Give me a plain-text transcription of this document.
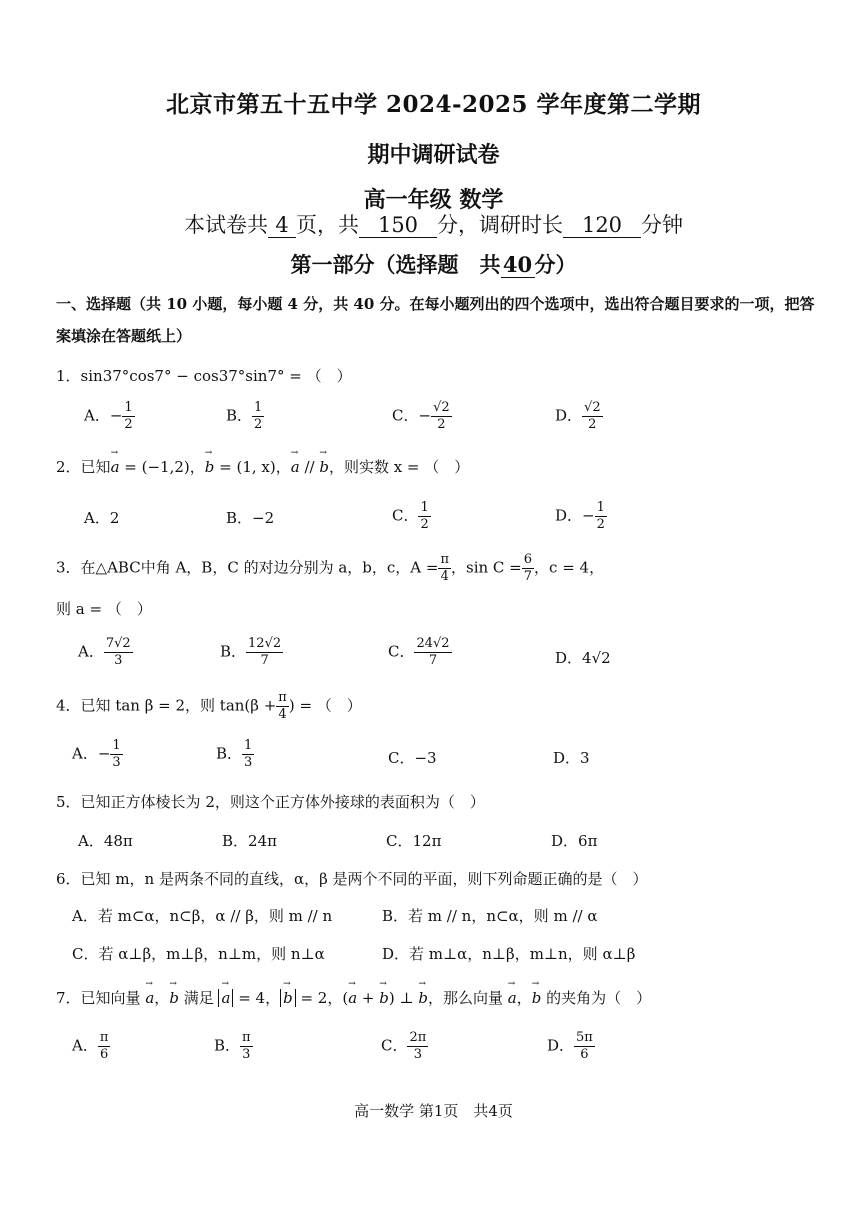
北京市第五十五中学 2024-2025 学年度第二学期
期中调研试卷
高一年级 数学
本试卷共 4 页，共 150 分，调研时长 120 分钟
第一部分（选择题　共 40 分）
一、选择题（共 10 小题，每小题 4 分，共 40 分。在每小题列出的四个选项中，选出符合题目要求的一项，把答案填涂在答题纸上）
1．sin37°cos7° − cos37°sin7° = （　）
A．− $\frac{1}{2}$	B． $\frac{1}{2}$	C．− $\frac{√2}{2}$	D． $\frac{√2}{2}$
2．已知→ a = (−1,2)，→ b = (1, x)，→ a // → b，则实数 x = （　）
A．2	B．−2	C． $\frac{1}{2}$	D．− $\frac{1}{2}$
3．在△ABC中角 A，B，C 的对边分别为 a，b，c，$A = \frac{\pi}{4}$ ，$\sin C = \frac{6}{7}$ ，c = 4，
则 a = （　）
A． $\frac{7√2}{3}$	B． $\frac{12√2}{7}$	C． $\frac{24√2}{7}$	D．4√2
4．已知 tan β = 2，则 $\tan(\beta + \frac{\pi}{4}$ ) = （　）
A．− $\frac{1}{3}$	B． $\frac{1}{3}$	C．−3	D．3
5．已知正方体棱长为 2，则这个正方体外接球的表面积为（　）
A．48π	B．24π	C．12π	D．6π
6．已知 m，n 是两条不同的直线，α，β 是两个不同的平面，则下列命题正确的是（　）
A．若 m⊂α，n⊂β，α // β，则 m // n	B．若 m // n，n⊂α，则 m // α
C．若 α⊥β，m⊥β，n⊥m，则 n⊥α	D．若 m⊥α，n⊥β，m⊥n，则 α⊥β
7．已知向量 → a，→ b 满足 → a = 4， → b = 2，(→ a + → b) ⊥ → b，那么向量 → a，→ b 的夹角为（　）
A． $\frac{\pi}{6}$	B． $\frac{\pi}{3}$	C． $\frac{2\pi}{3}$	D． $\frac{5\pi}{6}$
高一数学 第1页　共4页
